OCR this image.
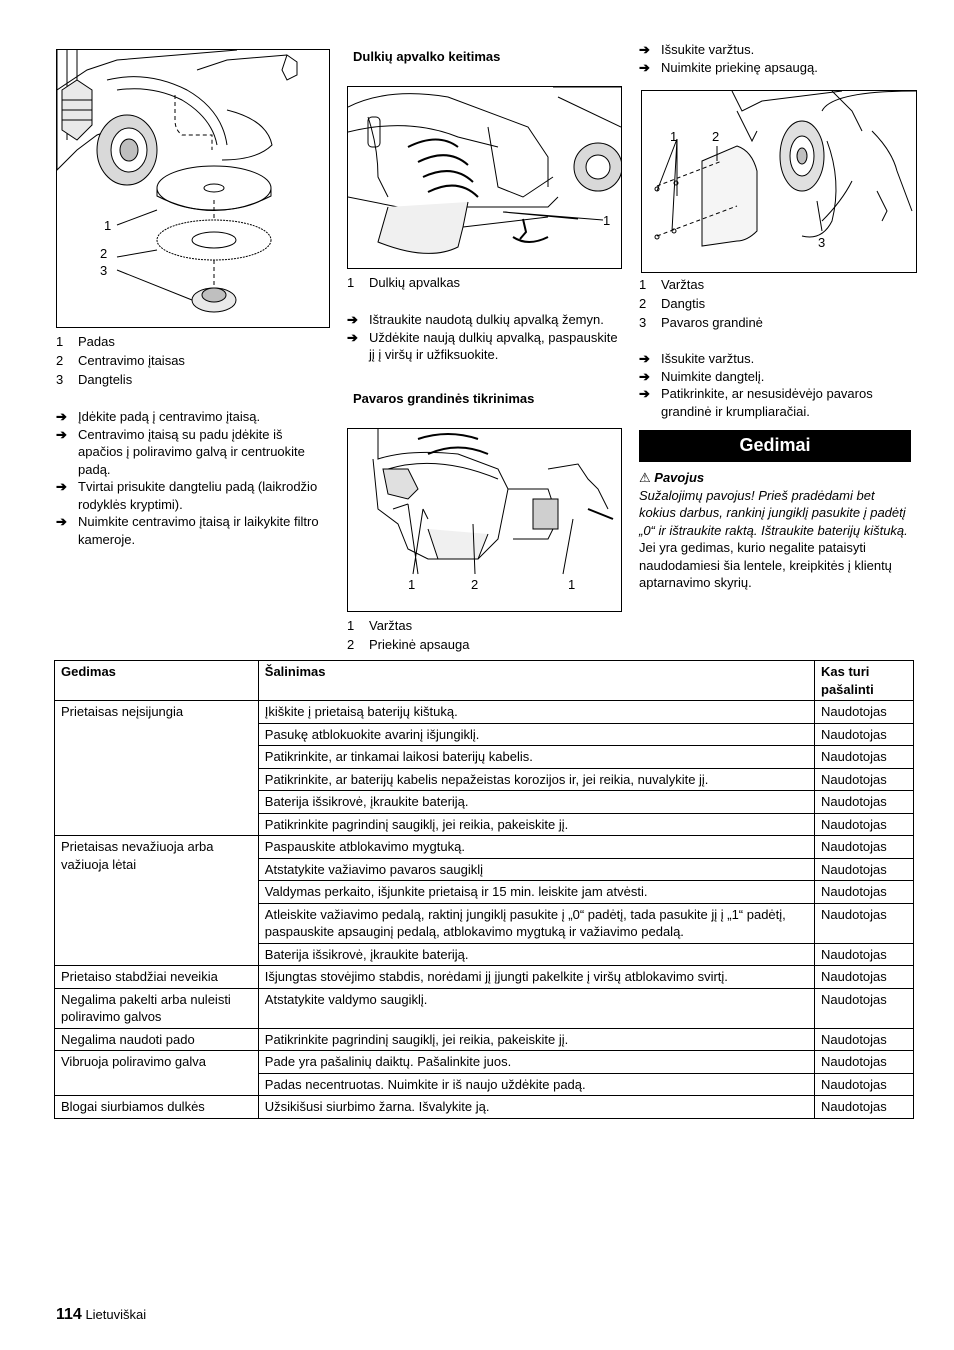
1
2
3
1 Padas
2 Centravimo įtaisas
3 Dangtelis
➔ Įdėkite padą į centravimo įtaisą.
➔ Centravimo įtaisą su padu įdėkite iš apačios į poliravimo galvą ir centruokite padą.
➔ Tvirtai prisukite dangteliu padą (laikrodžio rodyklės kryptimi).
➔ Nuimkite centravimo įtaisą ir laikykite filtro kameroje.
Dulkių apvalko keitimas
1
1 Dulkių apvalkas
➔ Ištraukite naudotą dulkių apvalką žemyn.
➔ Uždėkite naują dulkių apvalką, paspauskite jį į viršų ir užfiksuokite.
Pavaros grandinės tikrinimas
1	2	1
1 Varžtas
2 Priekinė apsauga
➔ Išsukite varžtus.
➔ Nuimkite priekinę apsaugą.
1	2
3
1 Varžtas
2 Dangtis
3 Pavaros grandinė
➔ Išsukite varžtus.
➔ Nuimkite dangtelį.
➔ Patikrinkite, ar nesusidėvėjo pavaros grandinė ir krumpliaračiai.
Gedimai
⚠ Pavojus
Sužalojimų pavojus! Prieš pradėdami bet kokius darbus, rankinį jungiklį pasukite į padėtį „0“ ir ištraukite raktą. Ištraukite baterijų kištuką.
Jei yra gedimas, kurio negalite pataisyti naudodamiesi šia lentele, kreipkitės į klientų aptarnavimo skyrių.
Gedimas	Šalinimas	Kas turi pašalinti
Prietaisas neįsijungia	Įkiškite į prietaisą baterijų kištuką.	Naudotojas
	Pasukę atblokuokite avarinį išjungiklį.	Naudotojas
	Patikrinkite, ar tinkamai laikosi baterijų kabelis.	Naudotojas
	Patikrinkite, ar baterijų kabelis nepažeistas korozijos ir, jei reikia, nuvalykite jį.	Naudotojas
	Baterija išsikrovė, įkraukite bateriją.	Naudotojas
	Patikrinkite pagrindinį saugiklį, jei reikia, pakeiskite jį.	Naudotojas
Prietaisas nevažiuoja arba važiuoja lėtai	Paspauskite atblokavimo mygtuką.	Naudotojas
	Atstatykite važiavimo pavaros saugiklį	Naudotojas
	Valdymas perkaito, išjunkite prietaisą ir 15 min. leiskite jam atvėsti.	Naudotojas
	Atleiskite važiavimo pedalą, raktinį jungiklį pasukite į „0“ padėtį, tada pasukite jį į „1“ padėtį, paspauskite apsauginį pedalą, atblokavimo mygtuką ir važiavimo pedalą.	Naudotojas
	Baterija išsikrovė, įkraukite bateriją.	Naudotojas
Prietaiso stabdžiai neveikia	Išjungtas stovėjimo stabdis, norėdami jį įjungti pakelkite į viršų atblokavimo svirtį.	Naudotojas
Negalima pakelti arba nuleisti poliravimo galvos	Atstatykite valdymo saugiklį.	Naudotojas
Negalima naudoti pado	Patikrinkite pagrindinį saugiklį, jei reikia, pakeiskite jį.	Naudotojas
Vibruoja poliravimo galva	Pade yra pašalinių daiktų. Pašalinkite juos.	Naudotojas
	Padas necentruotas. Nuimkite ir iš naujo uždėkite padą.	Naudotojas
Blogai siurbiamos dulkės	Užsikišusi siurbimo žarna. Išvalykite ją.	Naudotojas
114 Lietuviškai
